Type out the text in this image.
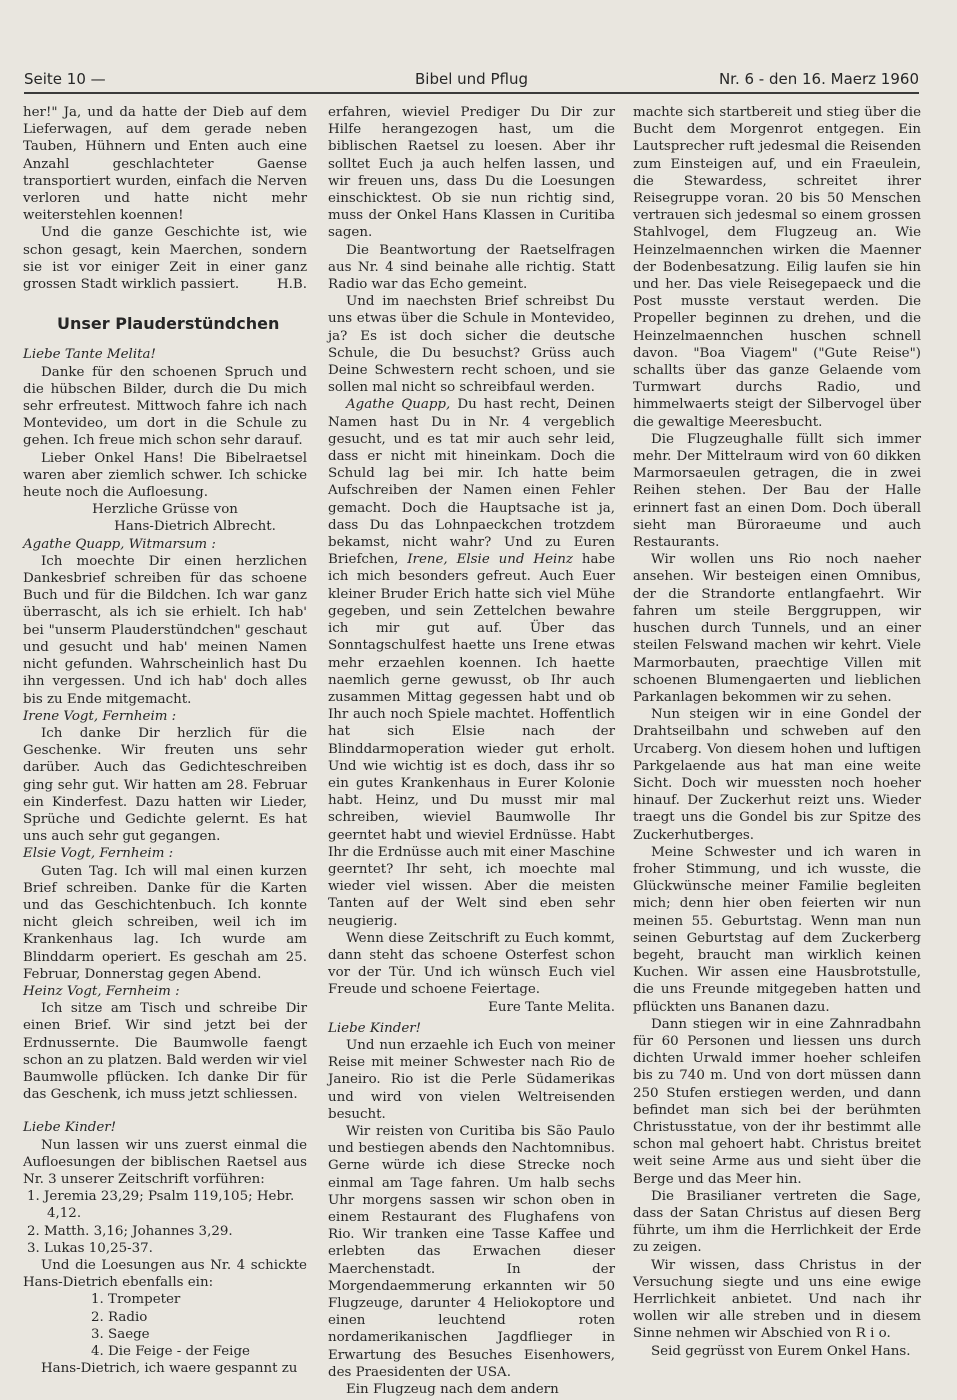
Bibel und Pflug
Seite 10 —	Nr. 6 - den 16. Maerz 1960

her!" Ja, und da hatte der Dieb auf dem Lieferwagen, auf dem gerade neben Tauben, Hühnern und Enten auch eine Anzahl geschlachteter Gaense transportiert wurden, einfach die Nerven verloren und hatte nicht mehr weiterstehlen koennen!

Und die ganze Geschichte ist, wie schon gesagt, kein Maerchen, sondern sie ist vor einiger Zeit in einer ganz grossen Stadt wirklich passiert.	H.B.

Unser Plauderstündchen

Liebe Tante Melita!

Danke für den schoenen Spruch und die hübschen Bilder, durch die Du mich sehr erfreutest. Mittwoch fahre ich nach Montevideo, um dort in die Schule zu gehen. Ich freue mich schon sehr darauf.

Lieber Onkel Hans! Die Bibelraetsel waren aber ziemlich schwer. Ich schicke heute noch die Aufloesung.

Herzliche Grüsse von

Hans-Dietrich Albrecht.

Agathe Quapp, Witmarsum :

Ich moechte Dir einen herzlichen Dankesbrief schreiben für das schoene Buch und für die Bildchen. Ich war ganz überrascht, als ich sie erhielt. Ich hab' bei "unserm Plauderstündchen" geschaut und gesucht und hab' meinen Namen nicht gefunden. Wahrscheinlich hast Du ihn vergessen. Und ich hab' doch alles bis zu Ende mitgemacht.

Irene Vogt, Fernheim :

Ich danke Dir herzlich für die Geschenke. Wir freuten uns sehr darüber. Auch das Gedichteschreiben ging sehr gut. Wir hatten am 28. Februar ein Kinderfest. Dazu hatten wir Lieder, Sprüche und Gedichte gelernt. Es hat uns auch sehr gut gegangen.

Elsie Vogt, Fernheim :

Guten Tag. Ich will mal einen kurzen Brief schreiben. Danke für die Karten und das Geschichtenbuch. Ich konnte nicht gleich schreiben, weil ich im Krankenhaus lag. Ich wurde am Blinddarm operiert. Es geschah am 25. Februar, Donnerstag gegen Abend.

Heinz Vogt, Fernheim :

Ich sitze am Tisch und schreibe Dir einen Brief. Wir sind jetzt bei der Erdnussernte. Die Baumwolle faengt schon an zu platzen. Bald werden wir viel Baumwolle pflücken. Ich danke Dir für das Geschenk, ich muss jetzt schliessen.

Liebe Kinder!

Nun lassen wir uns zuerst einmal die Aufloesungen der biblischen Raetsel aus Nr. 3 unserer Zeitschrift vorführen:

1. Jeremia 23,29; Psalm 119,105; Hebr.

4,12.

2. Matth. 3,16; Johannes 3,29.

3. Lukas 10,25-37.

Und die Loesungen aus Nr. 4 schickte Hans-Dietrich ebenfalls ein:

1. Trompeter

2. Radio

3. Saege

4. Die Feige - der Feige

Hans-Dietrich, ich waere gespannt zu

erfahren, wieviel Prediger Du Dir zur Hilfe herangezogen hast, um die biblischen Raetsel zu loesen. Aber ihr solltet Euch ja auch helfen lassen, und wir freuen uns, dass Du die Loesungen einschicktest. Ob sie nun richtig sind, muss der Onkel Hans Klassen in Curitiba sagen.

Die Beantwortung der Raetselfragen aus Nr. 4 sind beinahe alle richtig. Statt Radio war das Echo gemeint.

Und im naechsten Brief schreibst Du uns etwas über die Schule in Montevideo, ja? Es ist doch sicher die deutsche Schule, die Du besuchst? Grüss auch Deine Schwestern recht schoen, und sie sollen mal nicht so schreibfaul werden.

Agathe Quapp, Du hast recht, Deinen Namen hast Du in Nr. 4 vergeblich gesucht, und es tat mir auch sehr leid, dass er nicht mit hineinkam. Doch die Schuld lag bei mir. Ich hatte beim Aufschreiben der Namen einen Fehler gemacht. Doch die Hauptsache ist ja, dass Du das Lohnpaeckchen trotzdem bekamst, nicht wahr? Und zu Euren Briefchen, Irene, Elsie und Heinz habe ich mich besonders gefreut. Auch Euer kleiner Bruder Erich hatte sich viel Mühe gegeben, und sein Zettelchen bewahre ich mir gut auf. Über das Sonntagschulfest haette uns Irene etwas mehr erzaehlen koennen. Ich haette naemlich gerne gewusst, ob Ihr auch zusammen Mittag gegessen habt und ob Ihr auch noch Spiele machtet. Hoffentlich hat sich Elsie nach der Blinddarmoperation wieder gut erholt. Und wie wichtig ist es doch, dass ihr so ein gutes Krankenhaus in Eurer Kolonie habt. Heinz, und Du musst mir mal schreiben, wieviel Baumwolle Ihr geerntet habt und wieviel Erdnüsse. Habt Ihr die Erdnüsse auch mit einer Maschine geerntet? Ihr seht, ich moechte mal wieder viel wissen. Aber die meisten Tanten auf der Welt sind eben sehr neugierig.

Wenn diese Zeitschrift zu Euch kommt, dann steht das schoene Osterfest schon vor der Tür. Und ich wünsch Euch viel Freude und schoene Feiertage.

Eure Tante Melita.

Liebe Kinder!

Und nun erzaehle ich Euch von meiner Reise mit meiner Schwester nach Rio de Janeiro. Rio ist die Perle Südamerikas und wird von vielen Weltreisenden besucht.

Wir reisten von Curitiba bis São Paulo und bestiegen abends den Nachtomnibus. Gerne würde ich diese Strecke noch einmal am Tage fahren. Um halb sechs Uhr morgens sassen wir schon oben in einem Restaurant des Flughafens von Rio. Wir tranken eine Tasse Kaffee und erlebten das Erwachen dieser Maerchenstadt. In der Morgendaemmerung erkannten wir 50 Flugzeuge, darunter 4 Heliokoptore und einen leuchtend roten nordamerikanischen Jagdflieger in Erwartung des Besuches Eisenhowers, des Praesidenten der USA.

Ein Flugzeug nach dem andern

machte sich startbereit und stieg über die Bucht dem Morgenrot entgegen. Ein Lautsprecher ruft jedesmal die Reisenden zum Einsteigen auf, und ein Fraeulein, die Stewardess, schreitet ihrer Reisegruppe voran. 20 bis 50 Menschen vertrauen sich jedesmal so einem grossen Stahlvogel, dem Flugzeug an. Wie Heinzelmaennchen wirken die Maenner der Bodenbesatzung. Eilig laufen sie hin und her. Das viele Reisegepaeck und die Post musste verstaut werden. Die Propeller beginnen zu drehen, und die Heinzelmaennchen huschen schnell davon. "Boa Viagem" ("Gute Reise") schallts über das ganze Gelaende vom Turmwart durchs Radio, und himmelwaerts steigt der Silbervogel über die gewaltige Meeresbucht.

Die Flugzeughalle füllt sich immer mehr. Der Mittelraum wird von 60 dikken Marmorsaeulen getragen, die in zwei Reihen stehen. Der Bau der Halle erinnert fast an einen Dom. Doch überall sieht man Büroraeume und auch Restaurants.

Wir wollen uns Rio noch naeher ansehen. Wir besteigen einen Omnibus, der die Strandorte entlangfaehrt. Wir fahren um steile Berggruppen, wir huschen durch Tunnels, und an einer steilen Felswand machen wir kehrt. Viele Marmorbauten, praechtige Villen mit schoenen Blumengaerten und lieblichen Parkanlagen bekommen wir zu sehen.

Nun steigen wir in eine Gondel der Drahtseilbahn und schweben auf den Urcaberg. Von diesem hohen und luftigen Parkgelaende aus hat man eine weite Sicht. Doch wir muessten noch hoeher hinauf. Der Zuckerhut reizt uns. Wieder traegt uns die Gondel bis zur Spitze des Zuckerhutberges.

Meine Schwester und ich waren in froher Stimmung, und ich wusste, die Glückwünsche meiner Familie begleiten mich; denn hier oben feierten wir nun meinen 55. Geburtstag. Wenn man nun seinen Geburtstag auf dem Zuckerberg begeht, braucht man wirklich keinen Kuchen. Wir assen eine Hausbrotstulle, die uns Freunde mitgegeben hatten und pflückten uns Bananen dazu.

Dann stiegen wir in eine Zahnradbahn für 60 Personen und liessen uns durch dichten Urwald immer hoeher schleifen bis zu 740 m. Und von dort müssen dann 250 Stufen erstiegen werden, und dann befindet man sich bei der berühmten Christusstatue, von der ihr bestimmt alle schon mal gehoert habt. Christus breitet weit seine Arme aus und sieht über die Berge und das Meer hin.

Die Brasilianer vertreten die Sage, dass der Satan Christus auf diesen Berg führte, um ihm die Herrlichkeit der Erde zu zeigen.

Wir wissen, dass Christus in der Versuchung siegte und uns eine ewige Herrlichkeit anbietet. Und nach ihr wollen wir alle streben und in diesem Sinne nehmen wir Abschied von R i o.

Seid gegrüsst von Eurem Onkel Hans.
